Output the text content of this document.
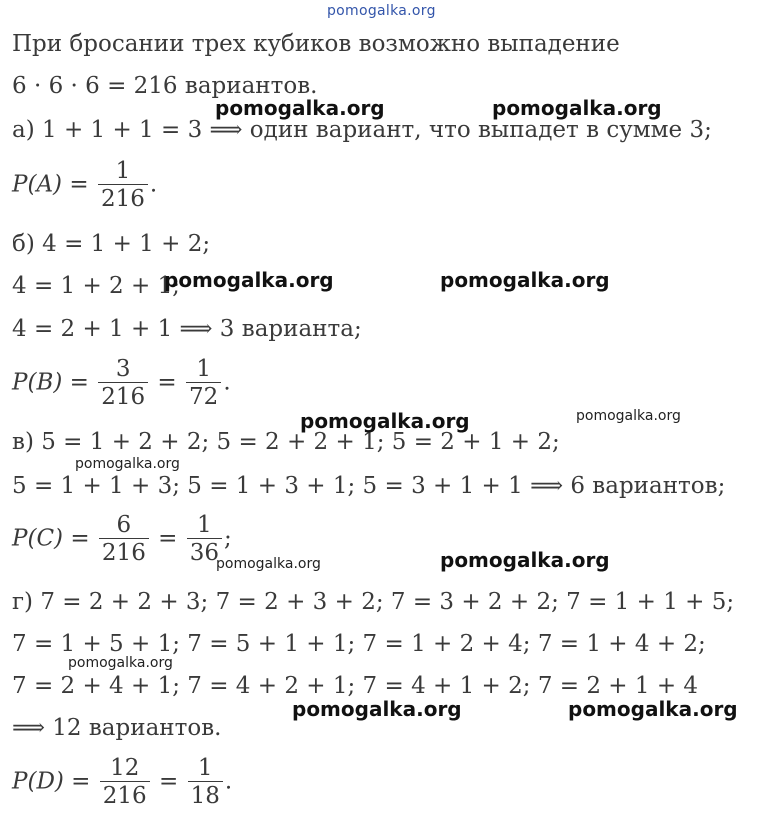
pomogalka.org
При бросании трех кубиков возможно выпадение
6 · 6 · 6 = 216 вариантов.
а) 1 + 1 + 1 = 3 ⟹ один вариант, что выпадет в сумме 3;
$P(A) = \frac{1}{216}$ .
б) 4 = 1 + 1 + 2;
4 = 1 + 2 + 1;
4 = 2 + 1 + 1 ⟹ 3 варианта;
$P(B) = \frac{3}{216} = \frac{1}{72}$ .
в) 5 = 1 + 2 + 2; 5 = 2 + 2 + 1; 5 = 2 + 1 + 2;
5 = 1 + 1 + 3; 5 = 1 + 3 + 1; 5 = 3 + 1 + 1 ⟹ 6 вариантов;
$P(C) = \frac{6}{216} = \frac{1}{36}$ ;
г) 7 = 2 + 2 + 3; 7 = 2 + 3 + 2; 7 = 3 + 2 + 2; 7 = 1 + 1 + 5;
7 = 1 + 5 + 1; 7 = 5 + 1 + 1; 7 = 1 + 2 + 4; 7 = 1 + 4 + 2;
7 = 2 + 4 + 1; 7 = 4 + 2 + 1; 7 = 4 + 1 + 2; 7 = 2 + 1 + 4
⟹ 12 вариантов.
$P(D) = \frac{12}{216} = \frac{1}{18}$ .
pomogalka.org	pomogalka.org
pomogalka.org	pomogalka.org
pomogalka.org	pomogalka.org
pomogalka.org
pomogalka.org	pomogalka.org
pomogalka.org
pomogalka.org	pomogalka.org
